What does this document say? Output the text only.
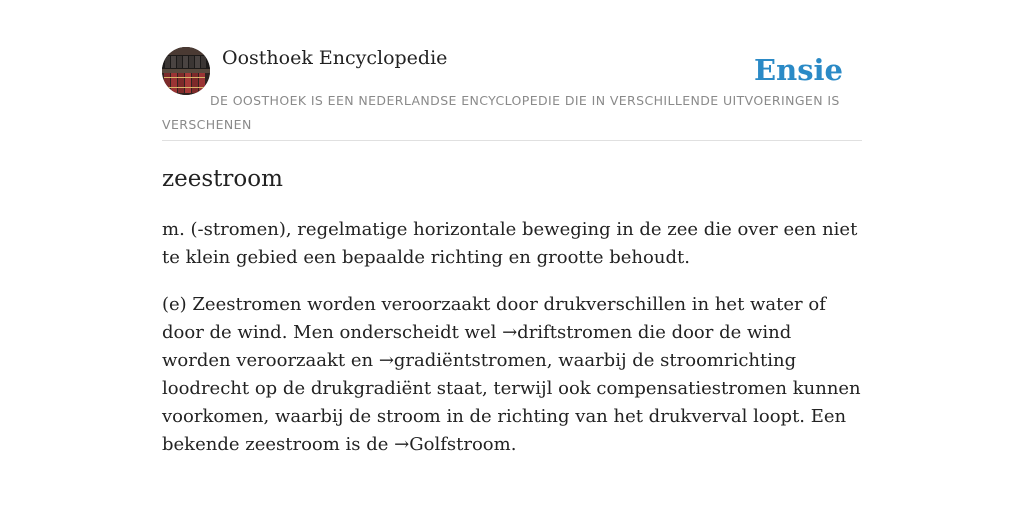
Oosthoek Encyclopedie	Ensie
DE OOSTHOEK IS EEN NEDERLANDSE ENCYCLOPEDIE DIE IN VERSCHILLENDE UITVOERINGEN IS VERSCHENEN
zeestroom

m. (-stromen), regelmatige horizontale beweging in de zee die over een niet te klein gebied een bepaalde richting en grootte behoudt.

(e) Zeestromen worden veroorzaakt door drukverschillen in het water of door de wind. Men onderscheidt wel →driftstromen die door de wind worden veroorzaakt en →gradiëntstromen, waarbij de stroomrichting loodrecht op de drukgradiënt staat, terwijl ook compensatiestromen kunnen voorkomen, waarbij de stroom in de richting van het drukverval loopt. Een bekende zeestroom is de →Golfstroom.
